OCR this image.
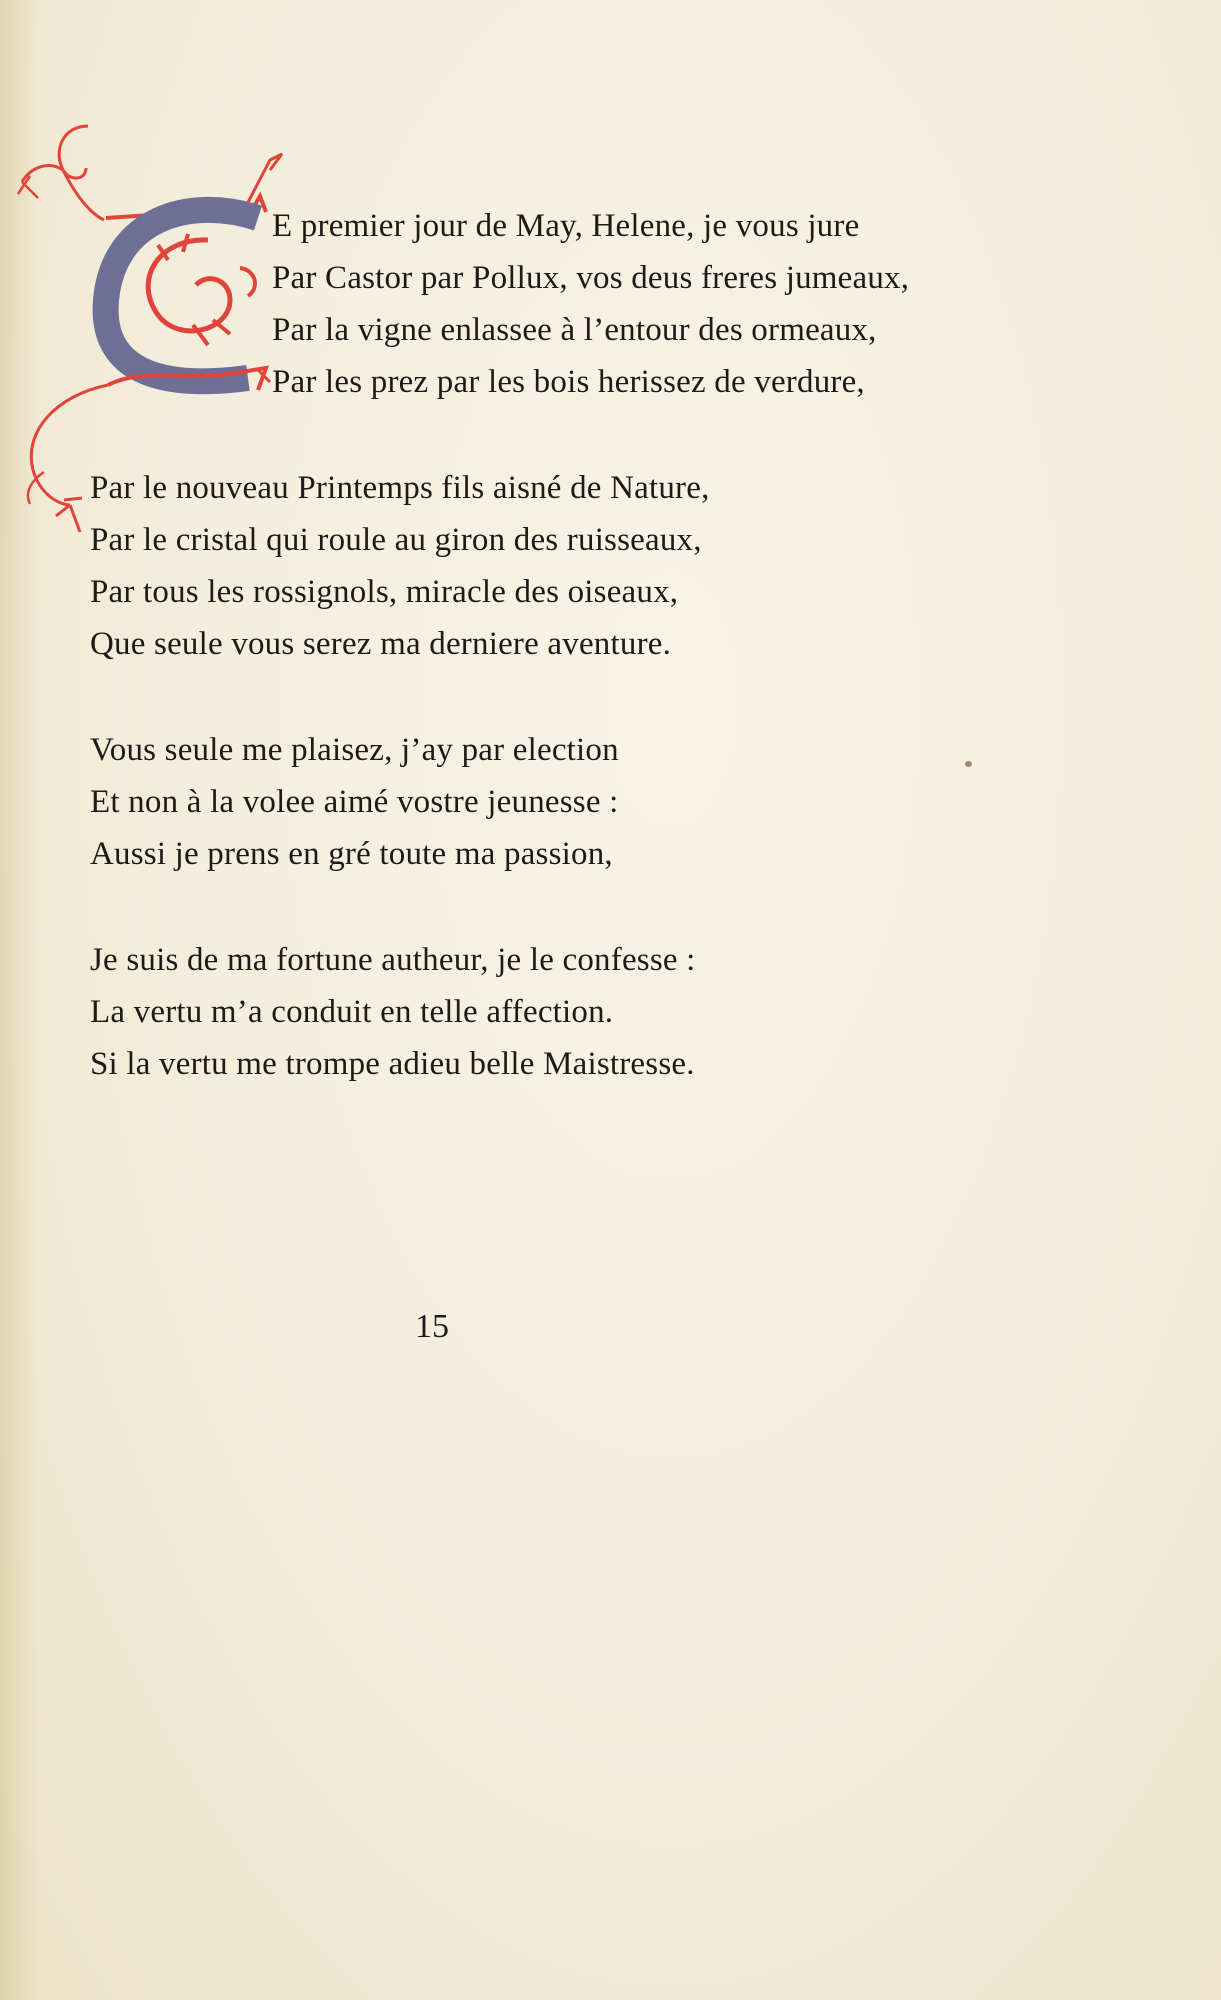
E premier jour de May, Helene, je vous jure
Par Castor par Pollux, vos deus freres jumeaux,
Par la vigne enlassee à l’entour des ormeaux,
Par les prez par les bois herissez de verdure,
Par le nouveau Printemps fils aisné de Nature,
Par le cristal qui roule au giron des ruisseaux,
Par tous les rossignols, miracle des oiseaux,
Que seule vous serez ma derniere aventure.
Vous seule me plaisez, j’ay par election
Et non à la volee aimé vostre jeunesse :
Aussi je prens en gré toute ma passion,
Je suis de ma fortune autheur, je le confesse :
La vertu m’a conduit en telle affection.
Si la vertu me trompe adieu belle Maistresse.
15
